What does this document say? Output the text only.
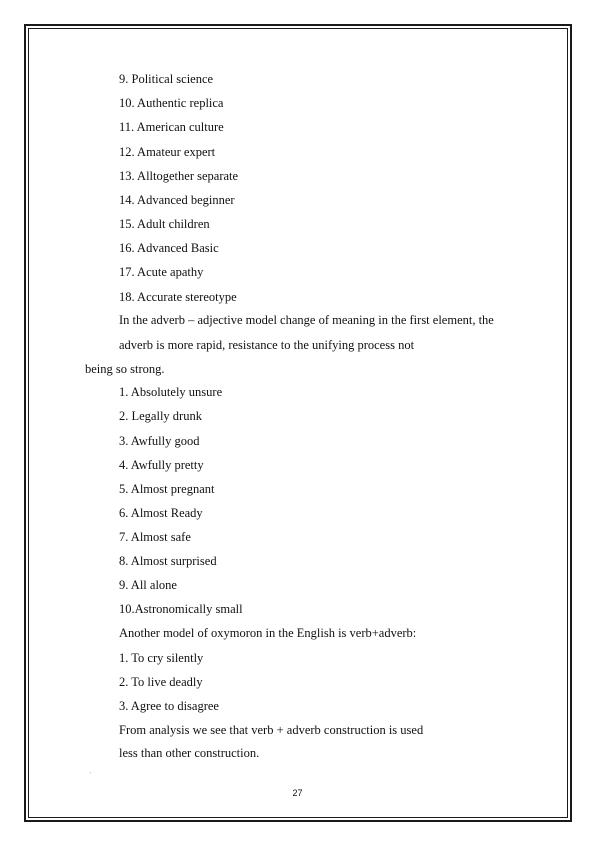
9. Political science
10. Authentic replica
11. American culture
12. Amateur expert
13. Alltogether separate
14. Advanced beginner
15. Adult children
16. Advanced Basic
17. Acute apathy
18. Accurate stereotype
In the adverb – adjective model change of meaning in the first element, the
adverb is more rapid, resistance to the unifying process not
being so strong.
1. Absolutely unsure
2. Legally drunk
3. Awfully good
4. Awfully pretty
5. Almost pregnant
6. Almost Ready
7. Almost safe
8. Almost surprised
9. All alone
10.Astronomically small
Another model of oxymoron in the English is verb+adverb:
1. To cry silently
2. To live deadly
3. Agree to disagree
From analysis we see that verb + adverb construction is used
less than other construction.
'
27
